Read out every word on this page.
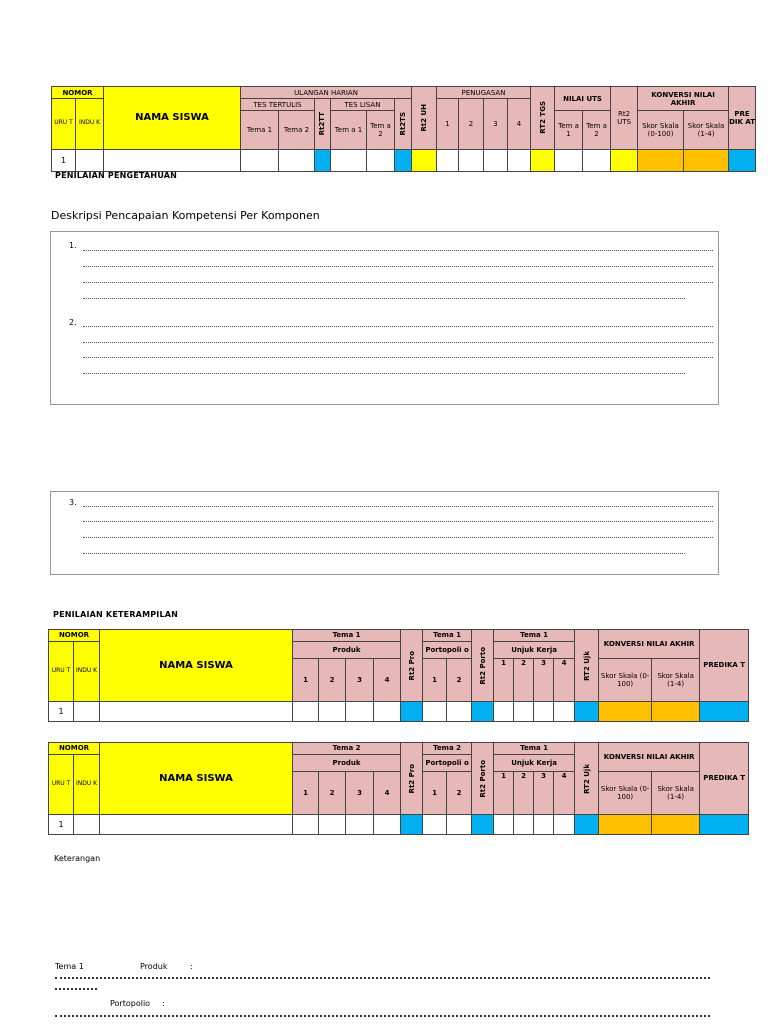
NOMOR		NAMA SISWA	ULANGAN HARIAN						Rt2 UH	PENUGASAN				RT2 TGS	NILAI UTS		Rt2 UTS	KONVERSI NILAI AKHIR		PRE DIK AT
URU T	INDU K		TES TERTULIS		Rt2TT	TES LISAN		Rt2TS		1	2	3	4							
			Tema 1	Tema 2		Tem a 1	Tem a 2								Tem a 1	Tem a 2		Skor Skala (0-100)	Skor Skala (1-4)	
1																				
PENILAIAN PENGETAHUAN
Deskripsi Pencapaian Kompetensi Per Komponen
1.
2.
3.
PENILAIAN KETERAMPILAN
NOMOR		NAMA SISWA	Tema 1				Rt2 Pro	Tema 1		Rt2 Porto	Tema 1				RT2 Ujk	KONVERSI NILAI AKHIR		PREDIKA T
URU T	INDU K		Produk					Portopoli o			Unjuk Kerja							
			1	2	3	4		1	2		1	2	3	4		Skor Skala (0-100)	Skor Skala (1-4)	
1																		
NOMOR		NAMA SISWA	Tema 2				Rt2 Pro	Tema 2		Rt2 Porto	Tema 1				RT2 Ujk	KONVERSI NILAI AKHIR		PREDIKA T
URU T	INDU K		Produk					Portopoli o			Unjuk Kerja							
			1	2	3	4		1	2		1	2	3	4		Skor Skala (0-100)	Skor Skala (1-4)	
1																		
Keterangan
Tema 1	Produk	:
Portopolio :
